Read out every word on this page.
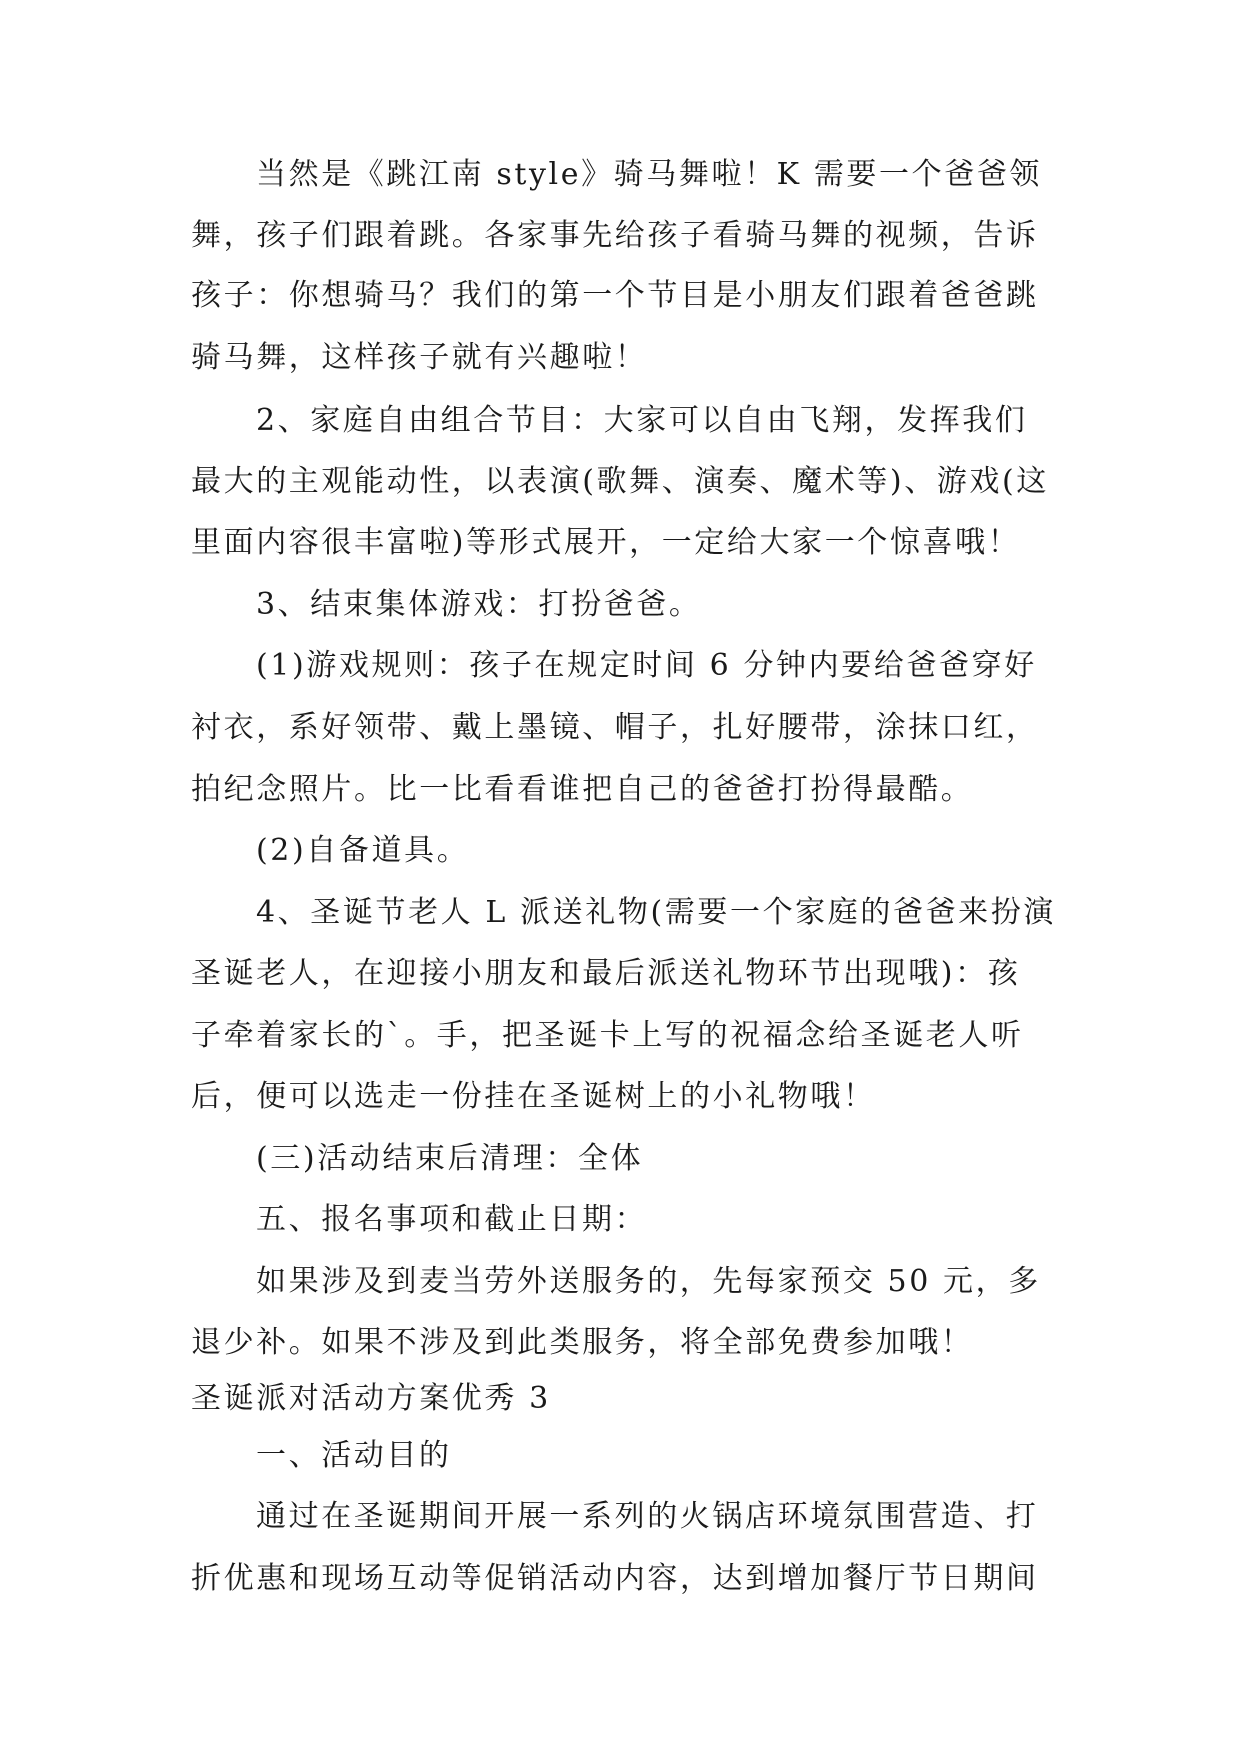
当然是《跳江南 style》骑马舞啦！K 需要一个爸爸领
舞，孩子们跟着跳。各家事先给孩子看骑马舞的视频，告诉
孩子：你想骑马？我们的第一个节目是小朋友们跟着爸爸跳
骑马舞，这样孩子就有兴趣啦！
2、家庭自由组合节目：大家可以自由飞翔，发挥我们
最大的主观能动性，以表演(歌舞、演奏、魔术等)、游戏(这
里面内容很丰富啦)等形式展开，一定给大家一个惊喜哦！
3、结束集体游戏：打扮爸爸。
(1)游戏规则：孩子在规定时间 6 分钟内要给爸爸穿好
衬衣，系好领带、戴上墨镜、帽子，扎好腰带，涂抹口红，
拍纪念照片。比一比看看谁把自己的爸爸打扮得最酷。
(2)自备道具。
4、圣诞节老人 L 派送礼物(需要一个家庭的爸爸来扮演
圣诞老人，在迎接小朋友和最后派送礼物环节出现哦)：孩
子牵着家长的`。手，把圣诞卡上写的祝福念给圣诞老人听
后，便可以选走一份挂在圣诞树上的小礼物哦！
(三)活动结束后清理：全体
五、报名事项和截止日期：
如果涉及到麦当劳外送服务的，先每家预交 50 元，多
退少补。如果不涉及到此类服务，将全部免费参加哦！
圣诞派对活动方案优秀 3
一、活动目的
通过在圣诞期间开展一系列的火锅店环境氛围营造、打
折优惠和现场互动等促销活动内容，达到增加餐厅节日期间
